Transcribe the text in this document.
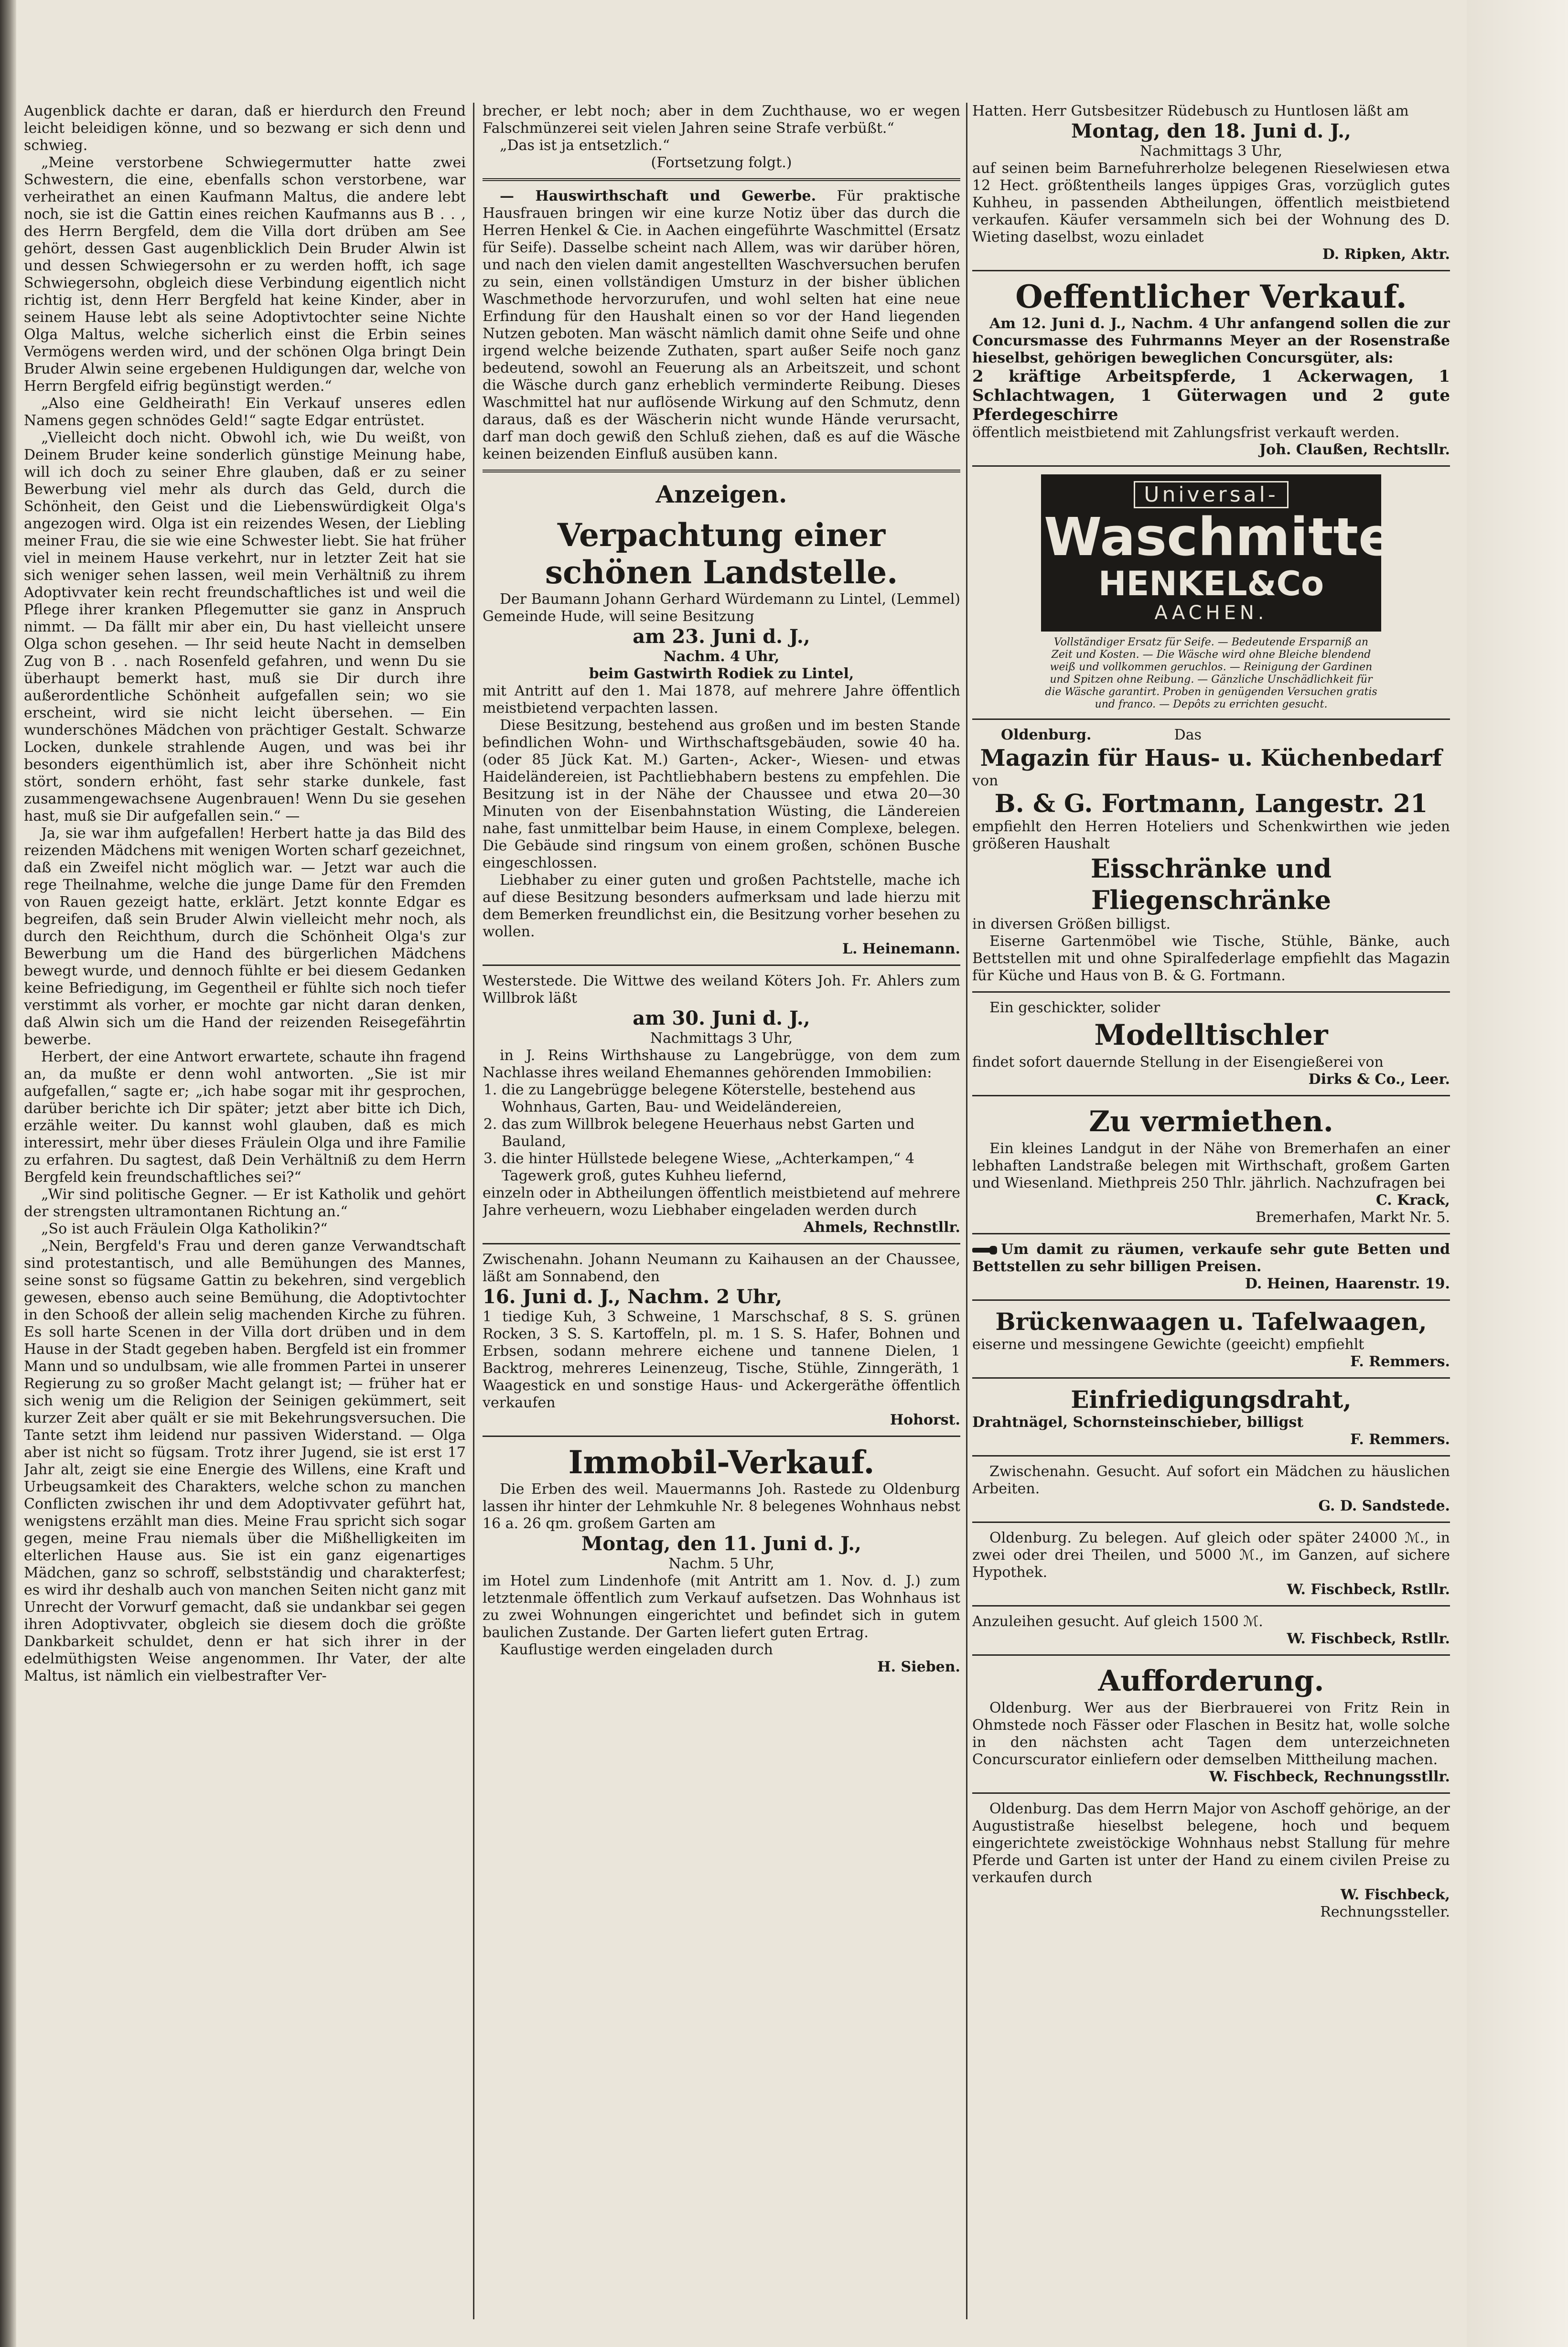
Augenblick dachte er daran, daß er hierdurch den Freund leicht beleidigen könne, und so bezwang er sich denn und schwieg.

„Meine verstorbene Schwiegermutter hatte zwei Schwestern, die eine, ebenfalls schon verstorbene, war verheirathet an einen Kaufmann Maltus, die andere lebt noch, sie ist die Gattin eines reichen Kaufmanns aus B . . , des Herrn Bergfeld, dem die Villa dort drüben am See gehört, dessen Gast augenblicklich Dein Bruder Alwin ist und dessen Schwiegersohn er zu werden hofft, ich sage Schwiegersohn, obgleich diese Verbindung eigentlich nicht richtig ist, denn Herr Bergfeld hat keine Kinder, aber in seinem Hause lebt als seine Adoptivtochter seine Nichte Olga Maltus, welche sicherlich einst die Erbin seines Vermögens werden wird, und der schönen Olga bringt Dein Bruder Alwin seine ergebenen Huldigungen dar, welche von Herrn Bergfeld eifrig begünstigt werden.“

„Also eine Geldheirath! Ein Verkauf unseres edlen Namens gegen schnödes Geld!“ sagte Edgar entrüstet.

„Vielleicht doch nicht. Obwohl ich, wie Du weißt, von Deinem Bruder keine sonderlich günstige Meinung habe, will ich doch zu seiner Ehre glauben, daß er zu seiner Bewerbung viel mehr als durch das Geld, durch die Schönheit, den Geist und die Liebenswürdigkeit Olga's angezogen wird. Olga ist ein reizendes Wesen, der Liebling meiner Frau, die sie wie eine Schwester liebt. Sie hat früher viel in meinem Hause verkehrt, nur in letzter Zeit hat sie sich weniger sehen lassen, weil mein Verhältniß zu ihrem Adoptivvater kein recht freundschaftliches ist und weil die Pflege ihrer kranken Pflegemutter sie ganz in Anspruch nimmt. — Da fällt mir aber ein, Du hast vielleicht unsere Olga schon gesehen. — Ihr seid heute Nacht in demselben Zug von B . . nach Rosenfeld gefahren, und wenn Du sie überhaupt bemerkt hast, muß sie Dir durch ihre außerordentliche Schönheit aufgefallen sein; wo sie erscheint, wird sie nicht leicht übersehen. — Ein wunderschönes Mädchen von prächtiger Gestalt. Schwarze Locken, dunkele strahlende Augen, und was bei ihr besonders eigenthümlich ist, aber ihre Schönheit nicht stört, sondern erhöht, fast sehr starke dunkele, fast zusammengewachsene Augenbrauen! Wenn Du sie gesehen hast, muß sie Dir aufgefallen sein.“ —

Ja, sie war ihm aufgefallen! Herbert hatte ja das Bild des reizenden Mädchens mit wenigen Worten scharf gezeichnet, daß ein Zweifel nicht möglich war. — Jetzt war auch die rege Theilnahme, welche die junge Dame für den Fremden von Rauen gezeigt hatte, erklärt. Jetzt konnte Edgar es begreifen, daß sein Bruder Alwin vielleicht mehr noch, als durch den Reichthum, durch die Schönheit Olga's zur Bewerbung um die Hand des bürgerlichen Mädchens bewegt wurde, und dennoch fühlte er bei diesem Gedanken keine Befriedigung, im Gegentheil er fühlte sich noch tiefer verstimmt als vorher, er mochte gar nicht daran denken, daß Alwin sich um die Hand der reizenden Reisegefährtin bewerbe.

Herbert, der eine Antwort erwartete, schaute ihn fragend an, da mußte er denn wohl antworten. „Sie ist mir aufgefallen,“ sagte er; „ich habe sogar mit ihr gesprochen, darüber berichte ich Dir später; jetzt aber bitte ich Dich, erzähle weiter. Du kannst wohl glauben, daß es mich interessirt, mehr über dieses Fräulein Olga und ihre Familie zu erfahren. Du sagtest, daß Dein Verhältniß zu dem Herrn Bergfeld kein freundschaftliches sei?“

„Wir sind politische Gegner. — Er ist Katholik und gehört der strengsten ultramontanen Richtung an.“

„So ist auch Fräulein Olga Katholikin?“

„Nein, Bergfeld's Frau und deren ganze Verwandtschaft sind protestantisch, und alle Bemühungen des Mannes, seine sonst so fügsame Gattin zu bekehren, sind vergeblich gewesen, ebenso auch seine Bemühung, die Adoptivtochter in den Schooß der allein selig machenden Kirche zu führen. Es soll harte Scenen in der Villa dort drüben und in dem Hause in der Stadt gegeben haben. Bergfeld ist ein frommer Mann und so undulbsam, wie alle frommen Partei in unserer Regierung zu so großer Macht gelangt ist; — früher hat er sich wenig um die Religion der Seinigen gekümmert, seit kurzer Zeit aber quält er sie mit Bekehrungsversuchen. Die Tante setzt ihm leidend nur passiven Widerstand. — Olga aber ist nicht so fügsam. Trotz ihrer Jugend, sie ist erst 17 Jahr alt, zeigt sie eine Energie des Willens, eine Kraft und Urbeugsamkeit des Charakters, welche schon zu manchen Conflicten zwischen ihr und dem Adoptivvater geführt hat, wenigstens erzählt man dies. Meine Frau spricht sich sogar gegen, meine Frau niemals über die Mißhelligkeiten im elterlichen Hause aus. Sie ist ein ganz eigenartiges Mädchen, ganz so schroff, selbstständig und charakterfest; es wird ihr deshalb auch von manchen Seiten nicht ganz mit Unrecht der Vorwurf gemacht, daß sie undankbar sei gegen ihren Adoptivvater, obgleich sie diesem doch die größte Dankbarkeit schuldet, denn er hat sich ihrer in der edelmüthigsten Weise angenommen. Ihr Vater, der alte Maltus, ist nämlich ein vielbestrafter Ver-

brecher, er lebt noch; aber in dem Zuchthause, wo er wegen Falschmünzerei seit vielen Jahren seine Strafe verbüßt.“

„Das ist ja entsetzlich.“

(Fortsetzung folgt.)

— Hauswirthschaft und Gewerbe. Für praktische Hausfrauen bringen wir eine kurze Notiz über das durch die Herren Henkel & Cie. in Aachen eingeführte Waschmittel (Ersatz für Seife). Dasselbe scheint nach Allem, was wir darüber hören, und nach den vielen damit angestellten Waschversuchen berufen zu sein, einen vollständigen Umsturz in der bisher üblichen Waschmethode hervorzurufen, und wohl selten hat eine neue Erfindung für den Haushalt einen so vor der Hand liegenden Nutzen geboten. Man wäscht nämlich damit ohne Seife und ohne irgend welche beizende Zuthaten, spart außer Seife noch ganz bedeutend, sowohl an Feuerung als an Arbeitszeit, und schont die Wäsche durch ganz erheblich verminderte Reibung. Dieses Waschmittel hat nur auflösende Wirkung auf den Schmutz, denn daraus, daß es der Wäscherin nicht wunde Hände verursacht, darf man doch gewiß den Schluß ziehen, daß es auf die Wäsche keinen beizenden Einfluß ausüben kann.

Anzeigen.
Verpachtung einer schönen Landstelle.

Der Baumann Johann Gerhard Würdemann zu Lintel, (Lemmel) Gemeinde Hude, will seine Besitzung

am 23. Juni d. J.,

Nachm. 4 Uhr,

beim Gastwirth Rodiek zu Lintel,

mit Antritt auf den 1. Mai 1878, auf mehrere Jahre öffentlich meistbietend verpachten lassen.

Diese Besitzung, bestehend aus großen und im besten Stande befindlichen Wohn- und Wirthschaftsgebäuden, sowie 40 ha. (oder 85 Jück Kat. M.) Garten-, Acker-, Wiesen- und etwas Haideländereien, ist Pachtliebhabern bestens zu empfehlen. Die Besitzung ist in der Nähe der Chaussee und etwa 20—30 Minuten von der Eisenbahnstation Wüsting, die Ländereien nahe, fast unmittelbar beim Hause, in einem Complexe, belegen. Die Gebäude sind ringsum von einem großen, schönen Busche eingeschlossen.

Liebhaber zu einer guten und großen Pachtstelle, mache ich auf diese Besitzung besonders aufmerksam und lade hierzu mit dem Bemerken freundlichst ein, die Besitzung vorher besehen zu wollen.

L. Heinemann.

Westerstede. Die Wittwe des weiland Köters Joh. Fr. Ahlers zum Willbrok läßt

am 30. Juni d. J.,

Nachmittags 3 Uhr,

in J. Reins Wirthshause zu Langebrügge, von dem zum Nachlasse ihres weiland Ehemannes gehörenden Immobilien:

1. die zu Langebrügge belegene Köterstelle, bestehend aus Wohnhaus, Garten, Bau- und Weideländereien,
2. das zum Willbrok belegene Heuerhaus nebst Garten und Bauland,
3. die hinter Hüllstede belegene Wiese, „Achterkampen,“ 4 Tagewerk groß, gutes Kuhheu liefernd,

einzeln oder in Abtheilungen öffentlich meistbietend auf mehrere Jahre verheuern, wozu Liebhaber eingeladen werden durch

Ahmels, Rechnstllr.

Zwischenahn. Johann Neumann zu Kaihausen an der Chaussee, läßt am Sonnabend, den

16. Juni d. J., Nachm. 2 Uhr,

1 tiedige Kuh, 3 Schweine, 1 Marschschaf, 8 S. S. grünen Rocken, 3 S. S. Kartoffeln, pl. m. 1 S. S. Hafer, Bohnen und Erbsen, sodann mehrere eichene und tannene Dielen, 1 Backtrog, mehreres Leinenzeug, Tische, Stühle, Zinngeräth, 1 Waagestick en und sonstige Haus- und Ackergeräthe öffentlich verkaufen

Hohorst.

Immobil-Verkauf.

Die Erben des weil. Mauermanns Joh. Rastede zu Oldenburg lassen ihr hinter der Lehmkuhle Nr. 8 belegenes Wohnhaus nebst 16 a. 26 qm. großem Garten am

Montag, den 11. Juni d. J.,

Nachm. 5 Uhr,

im Hotel zum Lindenhofe (mit Antritt am 1. Nov. d. J.) zum letztenmale öffentlich zum Verkauf aufsetzen. Das Wohnhaus ist zu zwei Wohnungen eingerichtet und befindet sich in gutem baulichen Zustande. Der Garten liefert guten Ertrag.

Kauflustige werden eingeladen durch

H. Sieben.

Hatten. Herr Gutsbesitzer Rüdebusch zu Huntlosen läßt am

Montag, den 18. Juni d. J.,

Nachmittags 3 Uhr,

auf seinen beim Barnefuhrerholze belegenen Rieselwiesen etwa 12 Hect. größtentheils langes üppiges Gras, vorzüglich gutes Kuhheu, in passenden Abtheilungen, öffentlich meistbietend verkaufen. Käufer versammeln sich bei der Wohnung des D. Wieting daselbst, wozu einladet

D. Ripken, Aktr.

Oeffentlicher Verkauf.

Am 12. Juni d. J., Nachm. 4 Uhr anfangend sollen die zur Concursmasse des Fuhrmanns Meyer an der Rosenstraße hieselbst, gehörigen beweglichen Concursgüter, als:

2 kräftige Arbeitspferde, 1 Ackerwagen, 1 Schlachtwagen, 1 Güterwagen und 2 gute Pferdegeschirre

öffentlich meistbietend mit Zahlungsfrist verkauft werden.

Joh. Claußen, Rechtsllr.

Universal-
Waschmittel
HENKEL&Co
AACHEN.
Vollständiger Ersatz für Seife. — Bedeutende Ersparniß an Zeit und Kosten. — Die Wäsche wird ohne Bleiche blendend weiß und vollkommen geruchlos. — Reinigung der Gardinen und Spitzen ohne Reibung. — Gänzliche Unschädlichkeit für die Wäsche garantirt. Proben in genügenden Versuchen gratis und franco. — Depôts zu errichten gesucht.
Oldenburg.	Das
Magazin für Haus- u. Küchenbedarf

von

B. & G. Fortmann, Langestr. 21

empfiehlt den Herren Hoteliers und Schenkwirthen wie jeden größeren Haushalt

Eisschränke und Fliegenschränke

in diversen Größen billigst.

Eiserne Gartenmöbel wie Tische, Stühle, Bänke, auch Bettstellen mit und ohne Spiralfederlage empfiehlt das Magazin für Küche und Haus von B. & G. Fortmann.

Ein geschickter, solider

Modelltischler

findet sofort dauernde Stellung in der Eisengießerei von

Dirks & Co., Leer.

Zu vermiethen.

Ein kleines Landgut in der Nähe von Bremerhafen an einer lebhaften Landstraße belegen mit Wirthschaft, großem Garten und Wiesenland. Miethpreis 250 Thlr. jährlich. Nachzufragen bei

C. Krack,

Bremerhafen, Markt Nr. 5.

Um damit zu räumen, verkaufe sehr gute Betten und Bettstellen zu sehr billigen Preisen.

D. Heinen, Haarenstr. 19.

Brückenwaagen u. Tafelwaagen,

eiserne und messingene Gewichte (geeicht) empfiehlt

F. Remmers.

Einfriedigungsdraht,

Drahtnägel, Schornsteinschieber, billigst

F. Remmers.

Zwischenahn. Gesucht. Auf sofort ein Mädchen zu häuslichen Arbeiten.

G. D. Sandstede.

Oldenburg. Zu belegen. Auf gleich oder später 24000 ℳ., in zwei oder drei Theilen, und 5000 ℳ., im Ganzen, auf sichere Hypothek.

W. Fischbeck, Rstllr.

Anzuleihen gesucht. Auf gleich 1500 ℳ.

W. Fischbeck, Rstllr.

Aufforderung.

Oldenburg. Wer aus der Bierbrauerei von Fritz Rein in Ohmstede noch Fässer oder Flaschen in Besitz hat, wolle solche in den nächsten acht Tagen dem unterzeichneten Concurscurator einliefern oder demselben Mittheilung machen.

W. Fischbeck, Rechnungsstllr.

Oldenburg. Das dem Herrn Major von Aschoff gehörige, an der Augustistraße hieselbst belegene, hoch und bequem eingerichtete zweistöckige Wohnhaus nebst Stallung für mehre Pferde und Garten ist unter der Hand zu einem civilen Preise zu verkaufen durch

W. Fischbeck,

Rechnungssteller.
